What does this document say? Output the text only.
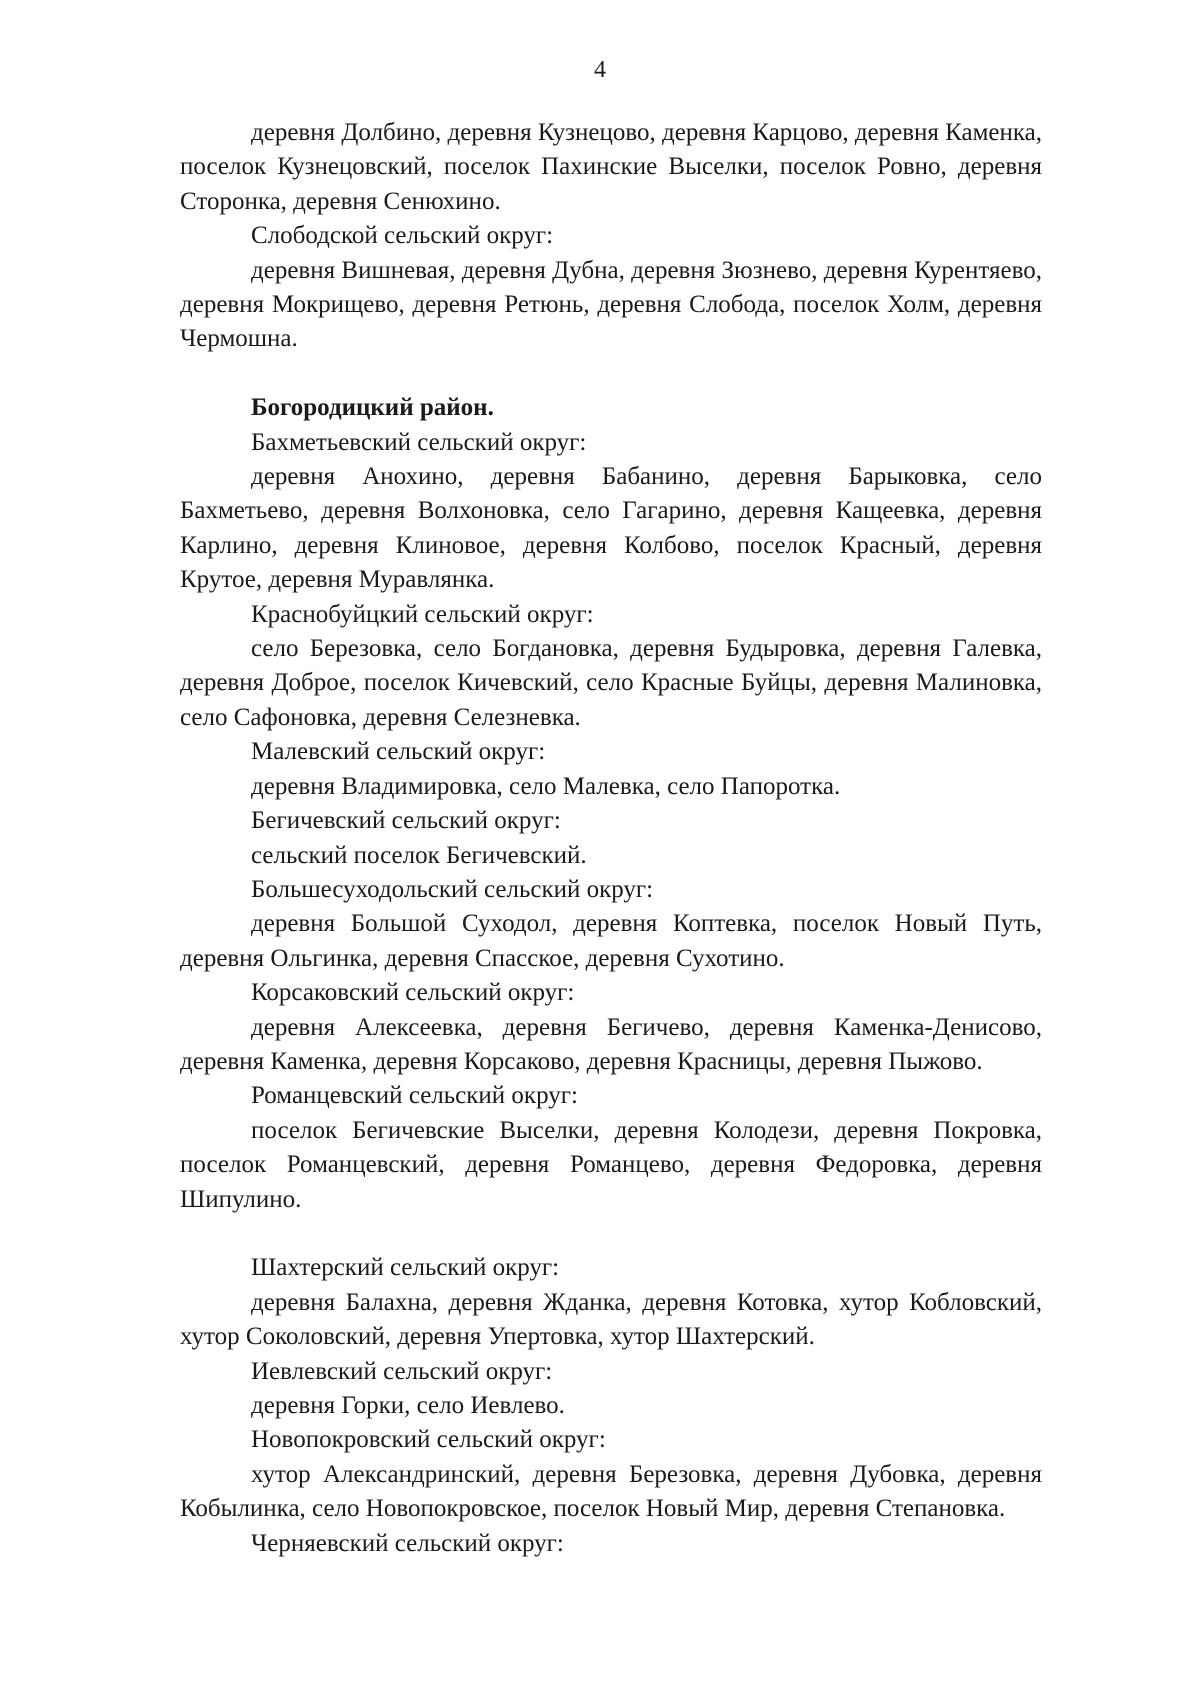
4

деревня Долбино, деревня Кузнецово, деревня Карцово, деревня Каменка, поселок Кузнецовский, поселок Пахинские Выселки, поселок Ровно, деревня Сторонка, деревня Сенюхино.

Слободской сельский округ:

деревня Вишневая, деревня Дубна, деревня Зюзнево, деревня Курентяево, деревня Мокрищево, деревня Ретюнь, деревня Слобода, поселок Холм, деревня Чермошна.

Богородицкий район.

Бахметьевский сельский округ:

деревня Анохино, деревня Бабанино, деревня Барыковка, село Бахметьево, деревня Волхоновка, село Гагарино, деревня Кащеевка, деревня Карлино, деревня Клиновое, деревня Колбово, поселок Красный, деревня Крутое, деревня Муравлянка.

Краснобуйцкий сельский округ:

село Березовка, село Богдановка, деревня Будыровка, деревня Галевка, деревня Доброе, поселок Кичевский, село Красные Буйцы, деревня Малиновка, село Сафоновка, деревня Селезневка.

Малевский сельский округ:

деревня Владимировка, село Малевка, село Папоротка.

Бегичевский сельский округ:

сельский поселок Бегичевский.

Большесуходольский сельский округ:

деревня Большой Суходол, деревня Коптевка, поселок Новый Путь, деревня Ольгинка, деревня Спасское, деревня Сухотино.

Корсаковский сельский округ:

деревня Алексеевка, деревня Бегичево, деревня Каменка-Денисово, деревня Каменка, деревня Корсаково, деревня Красницы, деревня Пыжово.

Романцевский сельский округ:

поселок Бегичевские Выселки, деревня Колодези, деревня Покровка, поселок Романцевский, деревня Романцево, деревня Федоровка, деревня Шипулино.

Шахтерский сельский округ:

деревня Балахна, деревня Жданка, деревня Котовка, хутор Кобловский, хутор Соколовский, деревня Упертовка, хутор Шахтерский.

Иевлевский сельский округ:

деревня Горки, село Иевлево.

Новопокровский сельский округ:

хутор Александринский, деревня Березовка, деревня Дубовка, деревня Кобылинка, село Новопокровское, поселок Новый Мир, деревня Степановка.

Черняевский сельский округ:
